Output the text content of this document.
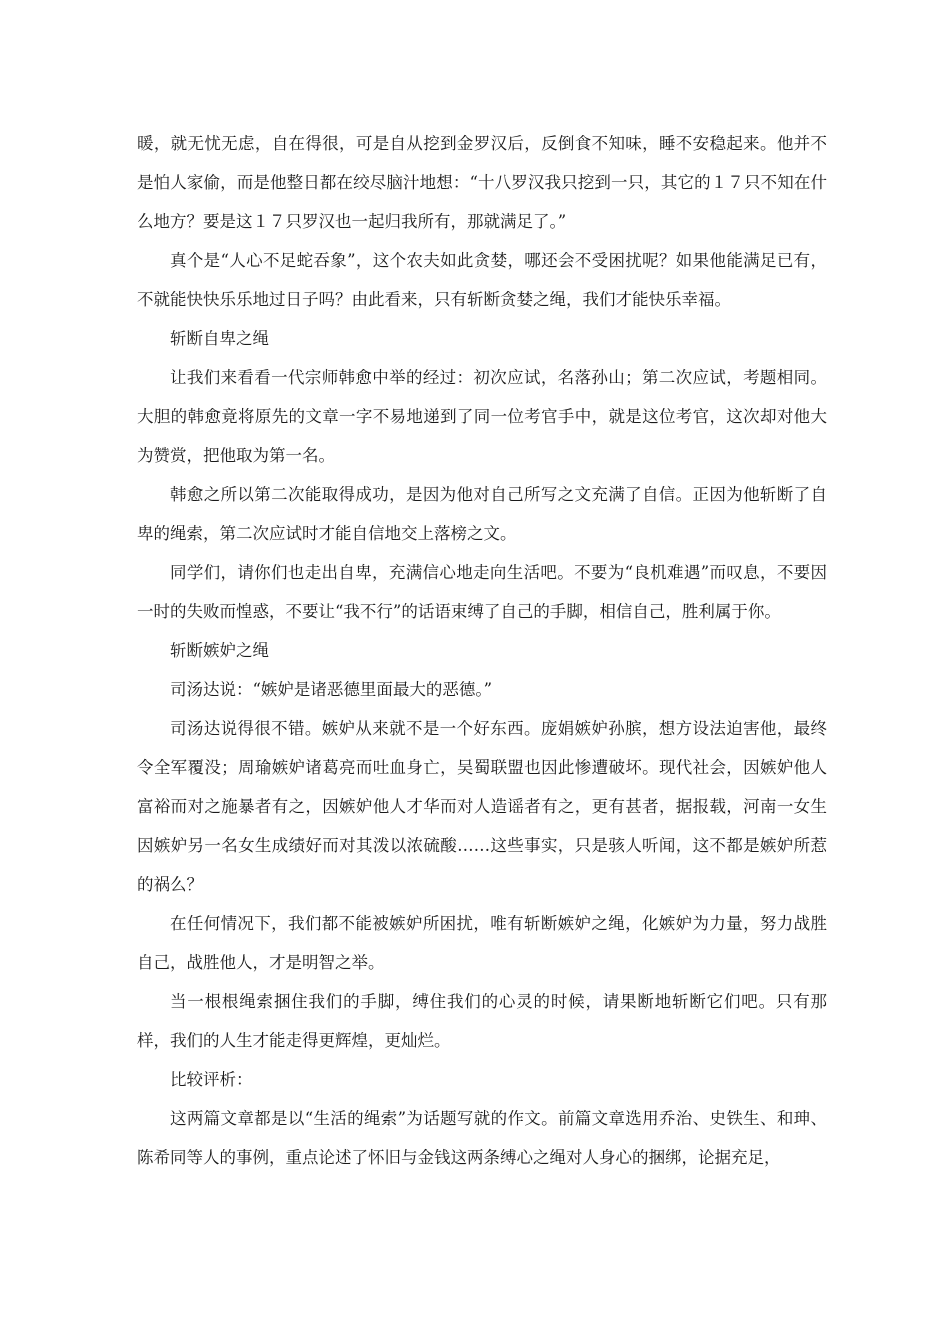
暖，就无忧无虑，自在得很，可是自从挖到金罗汉后，反倒食不知味，睡不安稳起来。他并不是怕人家偷，而是他整日都在绞尽脑汁地想：“十八罗汉我只挖到一只，其它的１７只不知在什么地方？要是这１７只罗汉也一起归我所有，那就满足了。”

真个是“人心不足蛇吞象”，这个农夫如此贪婪，哪还会不受困扰呢？如果他能满足已有，不就能快快乐乐地过日子吗？由此看来，只有斩断贪婪之绳，我们才能快乐幸福。

斩断自卑之绳

让我们来看看一代宗师韩愈中举的经过：初次应试，名落孙山；第二次应试，考题相同。大胆的韩愈竟将原先的文章一字不易地递到了同一位考官手中，就是这位考官，这次却对他大为赞赏，把他取为第一名。

韩愈之所以第二次能取得成功，是因为他对自己所写之文充满了自信。正因为他斩断了自卑的绳索，第二次应试时才能自信地交上落榜之文。

同学们，请你们也走出自卑，充满信心地走向生活吧。不要为“良机难遇”而叹息，不要因一时的失败而惶惑，不要让“我不行”的话语束缚了自己的手脚，相信自己，胜利属于你。

斩断嫉妒之绳

司汤达说：“嫉妒是诸恶德里面最大的恶德。”

司汤达说得很不错。嫉妒从来就不是一个好东西。庞娟嫉妒孙膑，想方设法迫害他，最终令全军覆没；周瑜嫉妒诸葛亮而吐血身亡，吴蜀联盟也因此惨遭破坏。现代社会，因嫉妒他人富裕而对之施暴者有之，因嫉妒他人才华而对人造谣者有之，更有甚者，据报载，河南一女生因嫉妒另一名女生成绩好而对其泼以浓硫酸……这些事实，只是骇人听闻，这不都是嫉妒所惹的祸么？

在任何情况下，我们都不能被嫉妒所困扰，唯有斩断嫉妒之绳，化嫉妒为力量，努力战胜自己，战胜他人，才是明智之举。

当一根根绳索捆住我们的手脚，缚住我们的心灵的时候，请果断地斩断它们吧。只有那样，我们的人生才能走得更辉煌，更灿烂。

比较评析：

这两篇文章都是以“生活的绳索”为话题写就的作文。前篇文章选用乔治、史铁生、和珅、陈希同等人的事例，重点论述了怀旧与金钱这两条缚心之绳对人身心的捆绑，论据充足，
